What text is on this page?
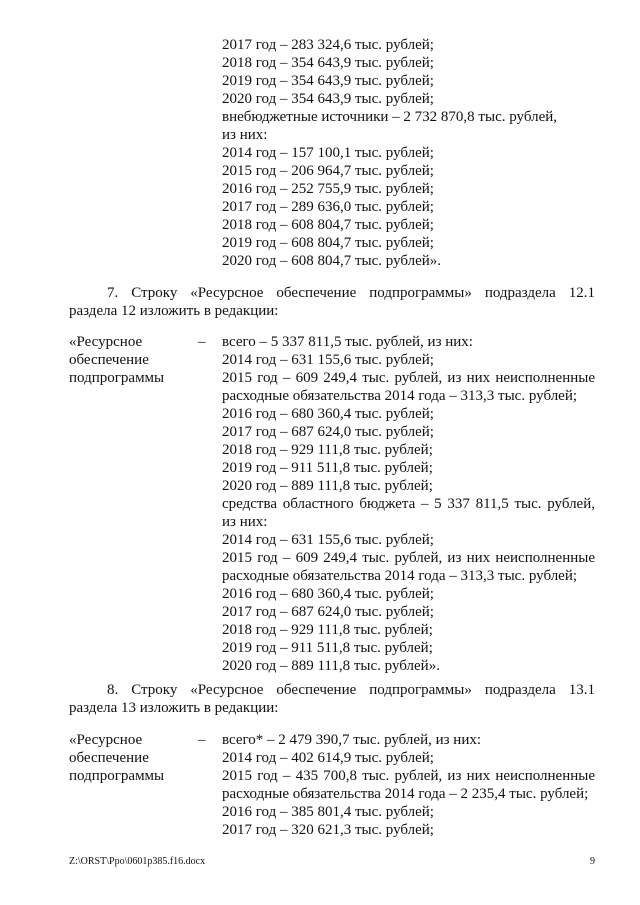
2017 год – 283 324,6 тыс. рублей;
2018 год – 354 643,9 тыс. рублей;
2019 год – 354 643,9 тыс. рублей;
2020 год – 354 643,9 тыс. рублей;
внебюджетные источники – 2 732 870,8 тыс. рублей,
из них:
2014 год – 157 100,1 тыс. рублей;
2015 год – 206 964,7 тыс. рублей;
2016 год – 252 755,9 тыс. рублей;
2017 год – 289 636,0 тыс. рублей;
2018 год – 608 804,7 тыс. рублей;
2019 год – 608 804,7 тыс. рублей;
2020 год – 608 804,7 тыс. рублей».
7. Строку «Ресурсное обеспечение подпрограммы» подраздела 12.1
раздела 12 изложить в редакции:
«Ресурсное
обеспечение
подпрограммы
– всего – 5 337 811,5 тыс. рублей, из них:
2014 год – 631 155,6 тыс. рублей;
2015 год – 609 249,4 тыс. рублей, из них неисполненные
расходные обязательства 2014 года – 313,3 тыс. рублей;
2016 год – 680 360,4 тыс. рублей;
2017 год – 687 624,0 тыс. рублей;
2018 год – 929 111,8 тыс. рублей;
2019 год – 911 511,8 тыс. рублей;
2020 год – 889 111,8 тыс. рублей;
средства областного бюджета – 5 337 811,5 тыс. рублей,
из них:
2014 год – 631 155,6 тыс. рублей;
2015 год – 609 249,4 тыс. рублей, из них неисполненные
расходные обязательства 2014 года – 313,3 тыс. рублей;
2016 год – 680 360,4 тыс. рублей;
2017 год – 687 624,0 тыс. рублей;
2018 год – 929 111,8 тыс. рублей;
2019 год – 911 511,8 тыс. рублей;
2020 год – 889 111,8 тыс. рублей».
8. Строку «Ресурсное обеспечение подпрограммы» подраздела 13.1
раздела 13 изложить в редакции:
«Ресурсное
обеспечение
подпрограммы
– всего* – 2 479 390,7 тыс. рублей, из них:
2014 год – 402 614,9 тыс. рублей;
2015 год – 435 700,8 тыс. рублей, из них неисполненные
расходные обязательства 2014 года – 2 235,4 тыс. рублей;
2016 год – 385 801,4 тыс. рублей;
2017 год – 320 621,3 тыс. рублей;
Z:\ORST\Ppo\0601p385.f16.docx	9
